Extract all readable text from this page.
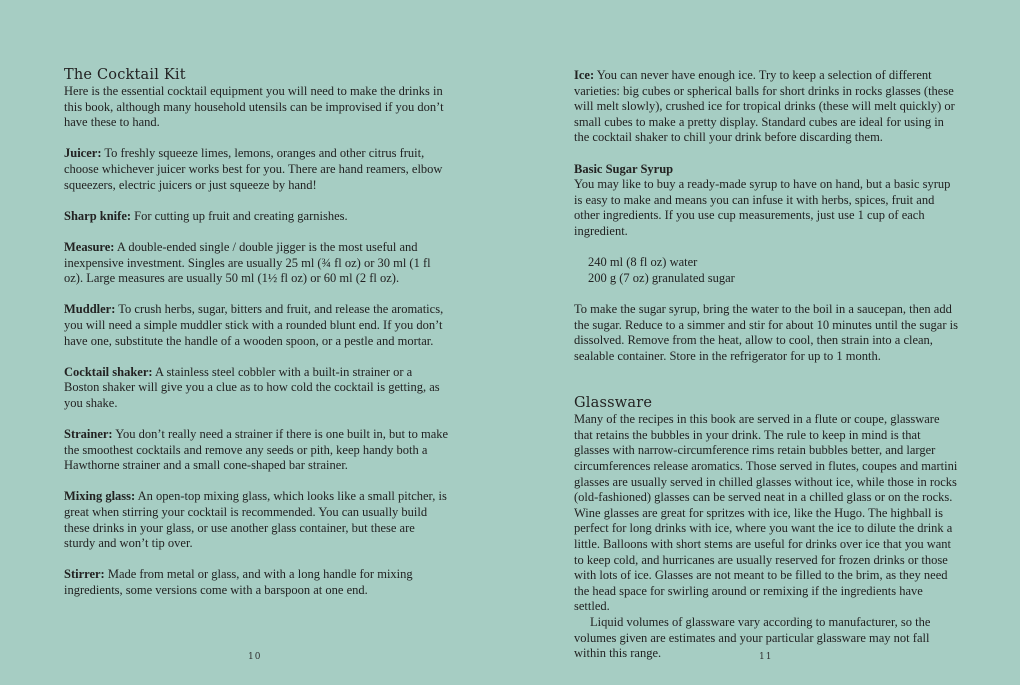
The Cocktail Kit

Here is the essential cocktail equipment you will need to make the drinks in this book, although many household utensils can be improvised if you don’t have these to hand.

Juicer: To freshly squeeze limes, lemons, oranges and other citrus fruit, choose whichever juicer works best for you. There are hand reamers, elbow squeezers, electric juicers or just squeeze by hand!

Sharp knife: For cutting up fruit and creating garnishes.

Measure: A double-ended single / double jigger is the most useful and inexpensive investment. Singles are usually 25 ml (¾ fl oz) or 30 ml (1 fl oz). Large measures are usually 50 ml (1½ fl oz) or 60 ml (2 fl oz).

Muddler: To crush herbs, sugar, bitters and fruit, and release the aromatics, you will need a simple muddler stick with a rounded blunt end. If you don’t have one, substitute the handle of a wooden spoon, or a pestle and mortar.

Cocktail shaker: A stainless steel cobbler with a built-in strainer or a Boston shaker will give you a clue as to how cold the cocktail is getting, as you shake.

Strainer: You don’t really need a strainer if there is one built in, but to make the smoothest cocktails and remove any seeds or pith, keep handy both a Hawthorne strainer and a small cone-shaped bar strainer.

Mixing glass: An open-top mixing glass, which looks like a small pitcher, is great when stirring your cocktail is recommended. You can usually build these drinks in your glass, or use another glass container, but these are sturdy and won’t tip over.

Stirrer: Made from metal or glass, and with a long handle for mixing ingredients, some versions come with a barspoon at one end.

10

Ice: You can never have enough ice. Try to keep a selection of different varieties: big cubes or spherical balls for short drinks in rocks glasses (these will melt slowly), crushed ice for tropical drinks (these will melt quickly) or small cubes to make a pretty display. Standard cubes are ideal for using in the cocktail shaker to chill your drink before discarding them.

Basic Sugar Syrup
You may like to buy a ready-made syrup to have on hand, but a basic syrup is easy to make and means you can infuse it with herbs, spices, fruit and other ingredients. If you use cup measurements, just use 1 cup of each ingredient.

240 ml (8 fl oz) water
200 g (7 oz) granulated sugar

To make the sugar syrup, bring the water to the boil in a saucepan, then add the sugar. Reduce to a simmer and stir for about 10 minutes until the sugar is dissolved. Remove from the heat, allow to cool, then strain into a clean, sealable container. Store in the refrigerator for up to 1 month.

Glassware

Many of the recipes in this book are served in a flute or coupe, glassware that retains the bubbles in your drink. The rule to keep in mind is that glasses with narrow-circumference rims retain bubbles better, and larger circumferences release aromatics. Those served in flutes, coupes and martini glasses are usually served in chilled glasses without ice, while those in rocks (old-fashioned) glasses can be served neat in a chilled glass or on the rocks. Wine glasses are great for spritzes with ice, like the Hugo. The highball is perfect for long drinks with ice, where you want the ice to dilute the drink a little. Balloons with short stems are useful for drinks over ice that you want to keep cold, and hurricanes are usually reserved for frozen drinks or those with lots of ice. Glasses are not meant to be filled to the brim, as they need the head space for swirling around or remixing if the ingredients have settled.

Liquid volumes of glassware vary according to manufacturer, so the volumes given are estimates and your particular glassware may not fall within this range.	11
